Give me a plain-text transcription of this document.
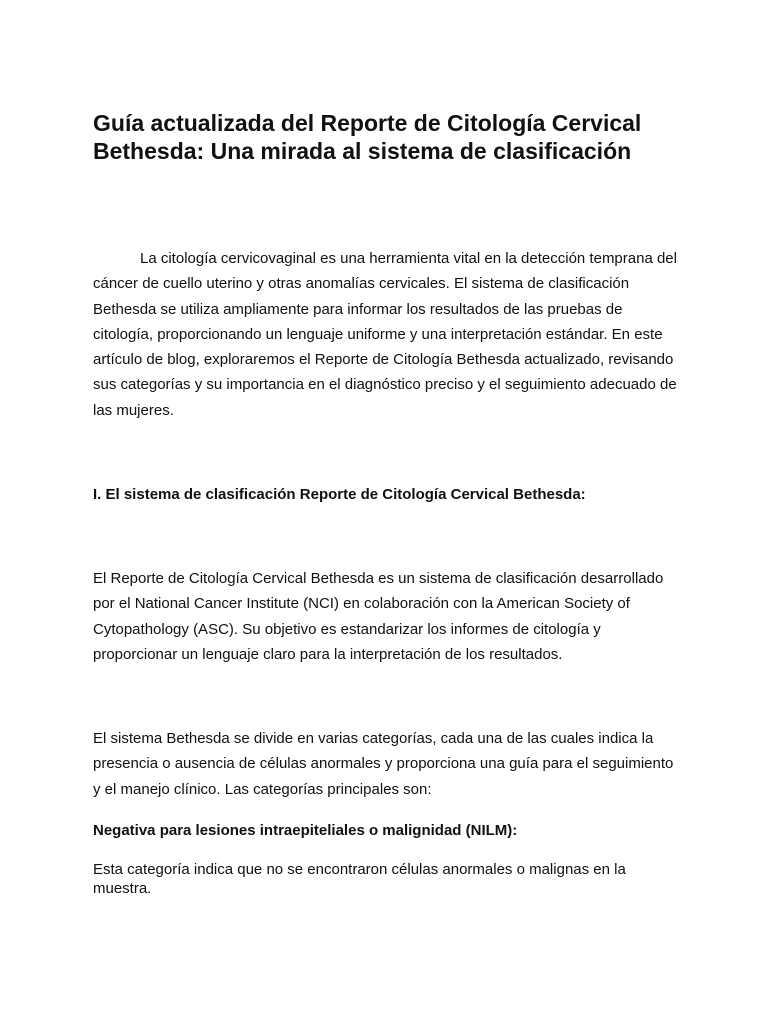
Guía actualizada del Reporte de Citología Cervical Bethesda: Una mirada al sistema de clasificación

La citología cervicovaginal es una herramienta vital en la detección temprana del cáncer de cuello uterino y otras anomalías cervicales. El sistema de clasificación Bethesda se utiliza ampliamente para informar los resultados de las pruebas de citología, proporcionando un lenguaje uniforme y una interpretación estándar. En este artículo de blog, exploraremos el Reporte de Citología Bethesda actualizado, revisando sus categorías y su importancia en el diagnóstico preciso y el seguimiento adecuado de las mujeres.

I. El sistema de clasificación Reporte de Citología Cervical Bethesda:

El Reporte de Citología Cervical Bethesda es un sistema de clasificación desarrollado por el National Cancer Institute (NCI) en colaboración con la American Society of Cytopathology (ASC). Su objetivo es estandarizar los informes de citología y proporcionar un lenguaje claro para la interpretación de los resultados.

El sistema Bethesda se divide en varias categorías, cada una de las cuales indica la presencia o ausencia de células anormales y proporciona una guía para el seguimiento y el manejo clínico. Las categorías principales son:

Negativa para lesiones intraepiteliales o malignidad (NILM):

Esta categoría indica que no se encontraron células anormales o malignas en la muestra.
